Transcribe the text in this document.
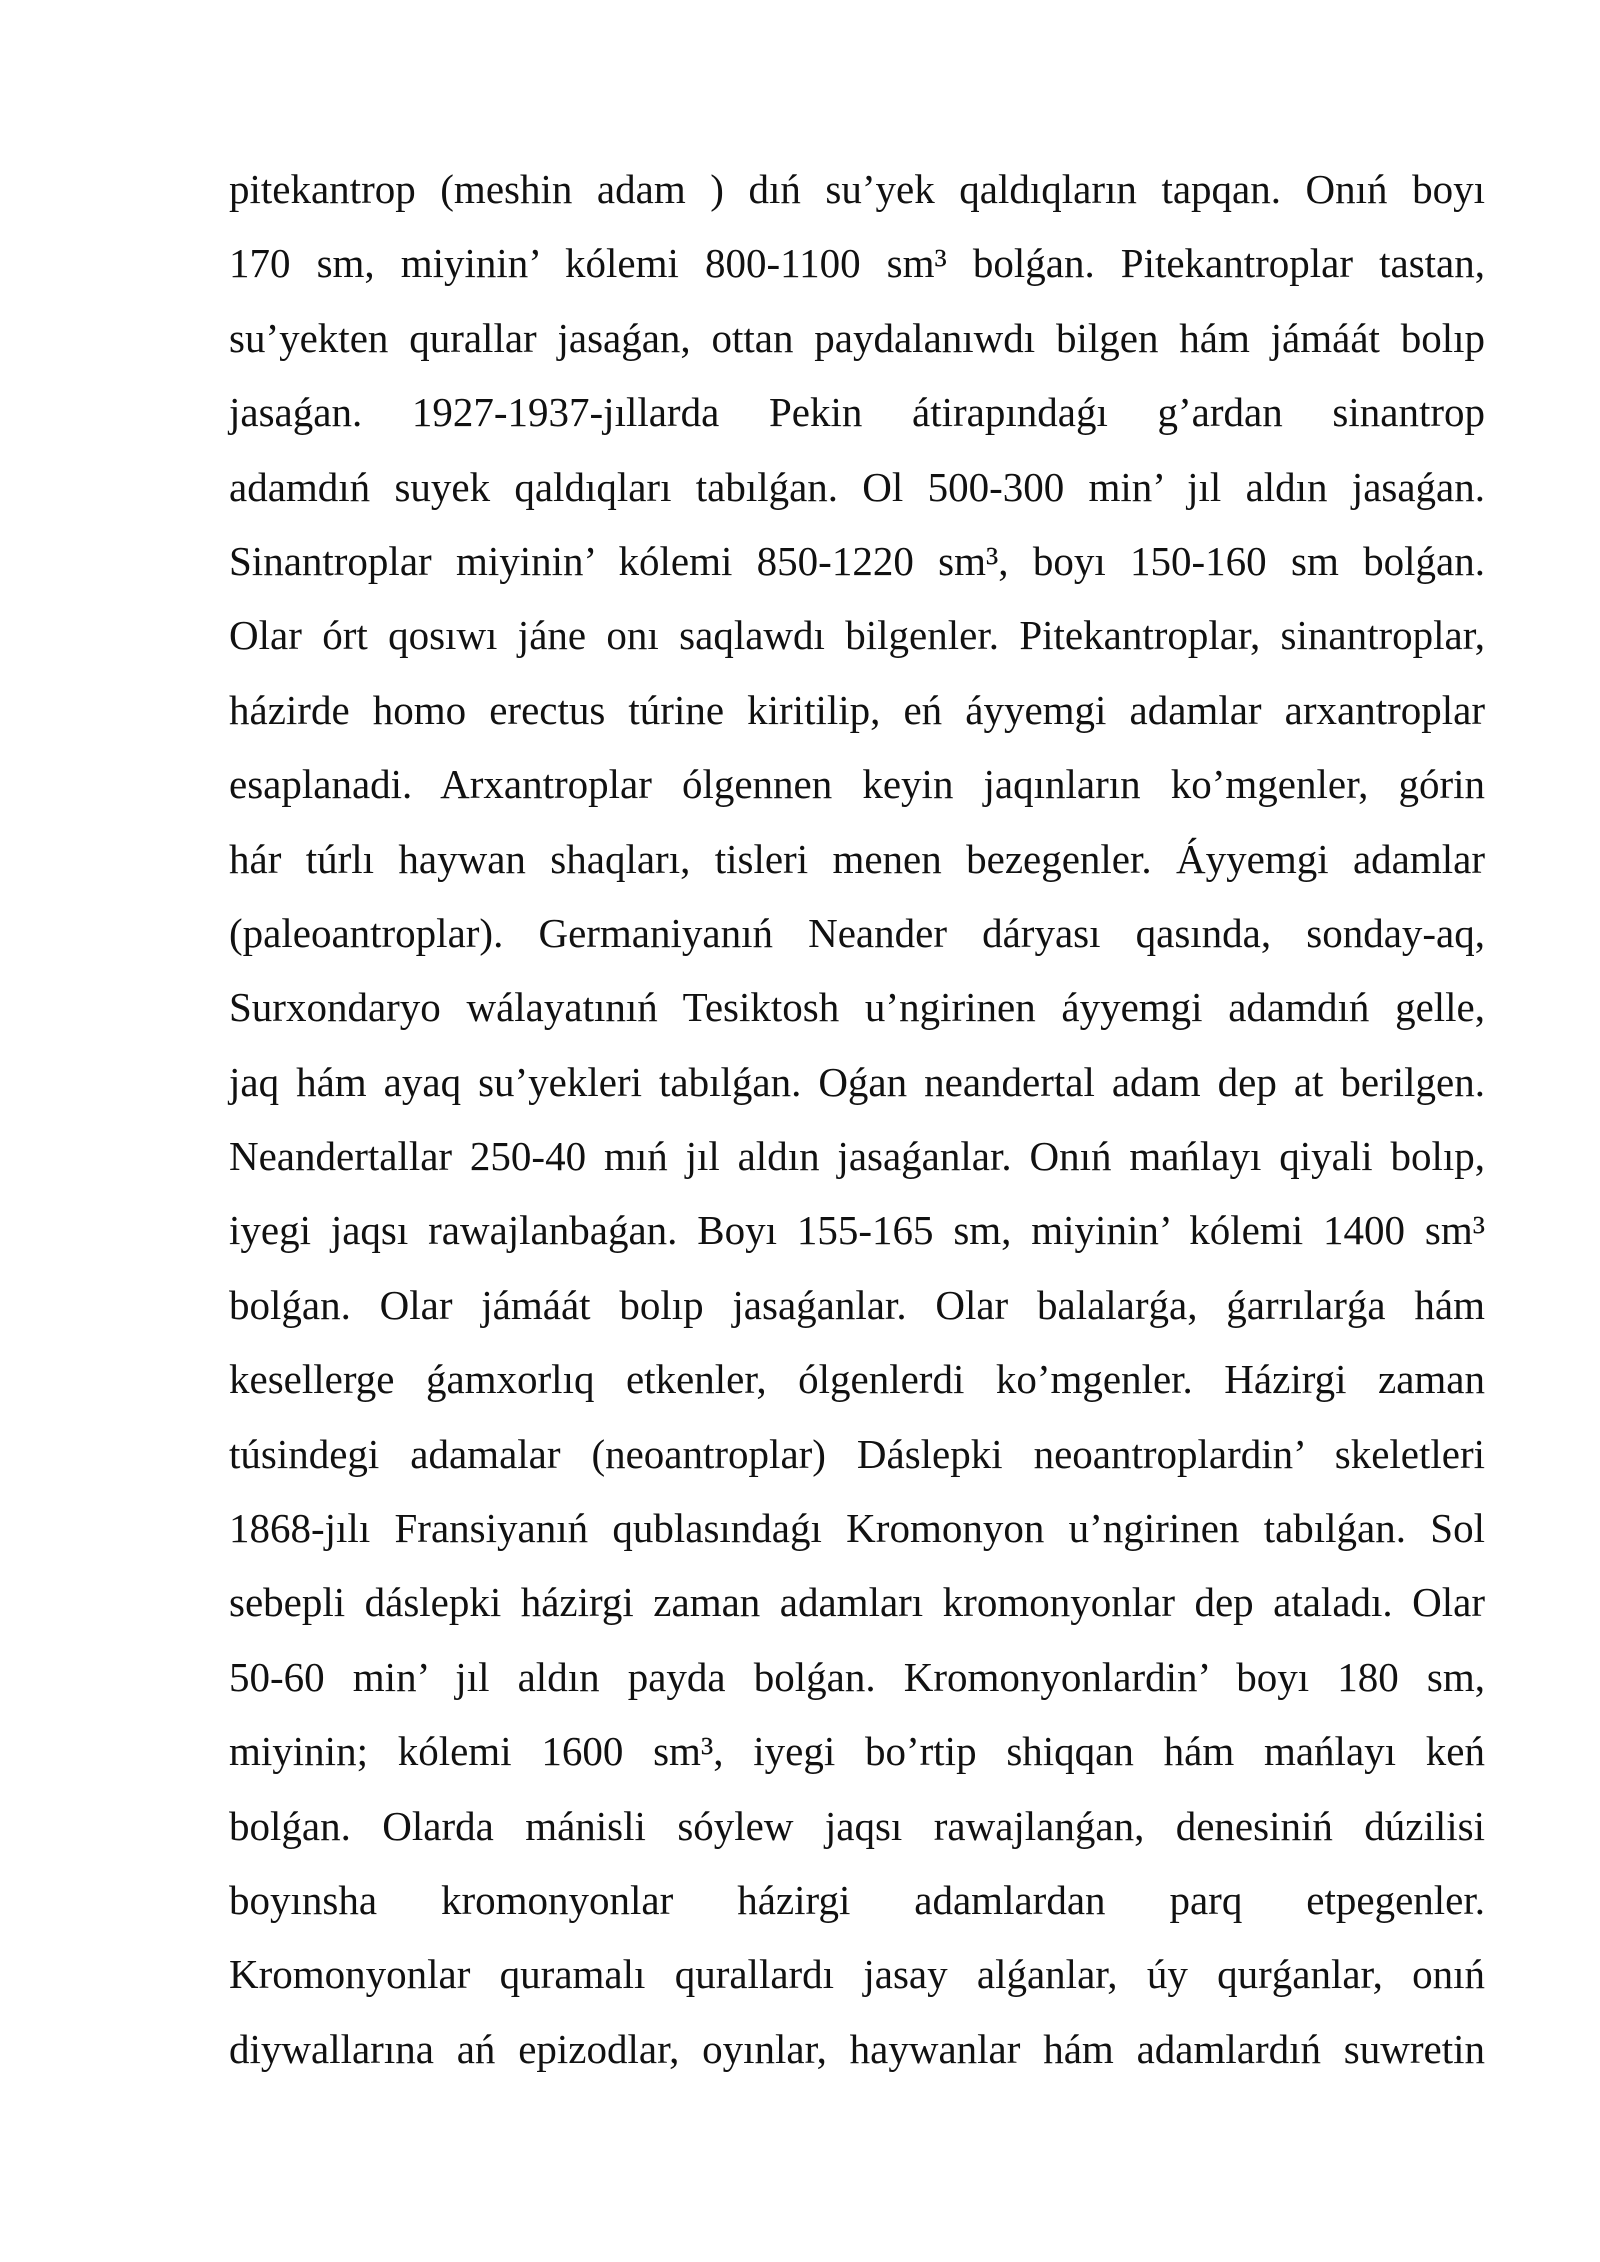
pitekantrop (meshin adam ) dıń su’yek qaldıqların tapqan. Onıń boyı
170 sm, miyinin’ kólemi 800-1100 sm³ bolǵan. Pitekantroplar tastan,
su’yekten qurallar jasaǵan, ottan paydalanıwdı bilgen hám jámáát bolıp
jasaǵan. 1927-1937-jıllarda Pekin átirapındaǵı g’ardan sinantrop
adamdıń suyek qaldıqları tabılǵan. Ol 500-300 min’ jıl aldın jasaǵan.
Sinantroplar miyinin’ kólemi 850-1220 sm³, boyı 150-160 sm bolǵan.
Olar órt qosıwı jáne onı saqlawdı bilgenler. Pitekantroplar, sinantroplar,
házirde homo erectus túrine kiritilip, eń áyyemgi adamlar arxantroplar
esaplanadi. Arxantroplar ólgennen keyin jaqınların ko’mgenler, górin
hár túrlı haywan shaqları, tisleri menen bezegenler. Áyyemgi adamlar
(paleoantroplar). Germaniyanıń Neander dáryası qasında, sonday-aq,
Surxondaryo wálayatınıń Tesiktosh u’ngirinen áyyemgi adamdıń gelle,
jaq hám ayaq su’yekleri tabılǵan. Oǵan neandertal adam dep at berilgen.
Neandertallar 250-40 mıń jıl aldın jasaǵanlar. Onıń mańlayı qiyali bolıp,
iyegi jaqsı rawajlanbaǵan. Boyı 155-165 sm, miyinin’ kólemi 1400 sm³
bolǵan. Olar jámáát bolıp jasaǵanlar. Olar balalarǵa, ǵarrılarǵa hám
kesellerge ǵamxorlıq etkenler, ólgenlerdi ko’mgenler. Házirgi zaman
túsindegi adamalar (neoantroplar) Dáslepki neoantroplardin’ skeletleri
1868-jılı Fransiyanıń qublasındaǵı Kromonyon u’ngirinen tabılǵan. Sol
sebepli dáslepki házirgi zaman adamları kromonyonlar dep ataladı. Olar
50-60 min’ jıl aldın payda bolǵan. Kromonyonlardin’ boyı 180 sm,
miyinin; kólemi 1600 sm³, iyegi bo’rtip shiqqan hám mańlayı keń
bolǵan. Olarda mánisli sóylew jaqsı rawajlanǵan, denesiniń dúzilisi
boyınsha kromonyonlar házirgi adamlardan parq etpegenler.
Kromonyonlar quramalı qurallardı jasay alǵanlar, úy qurǵanlar, onıń
diywallarına ań epizodlar, oyınlar, haywanlar hám adamlardıń suwretin
